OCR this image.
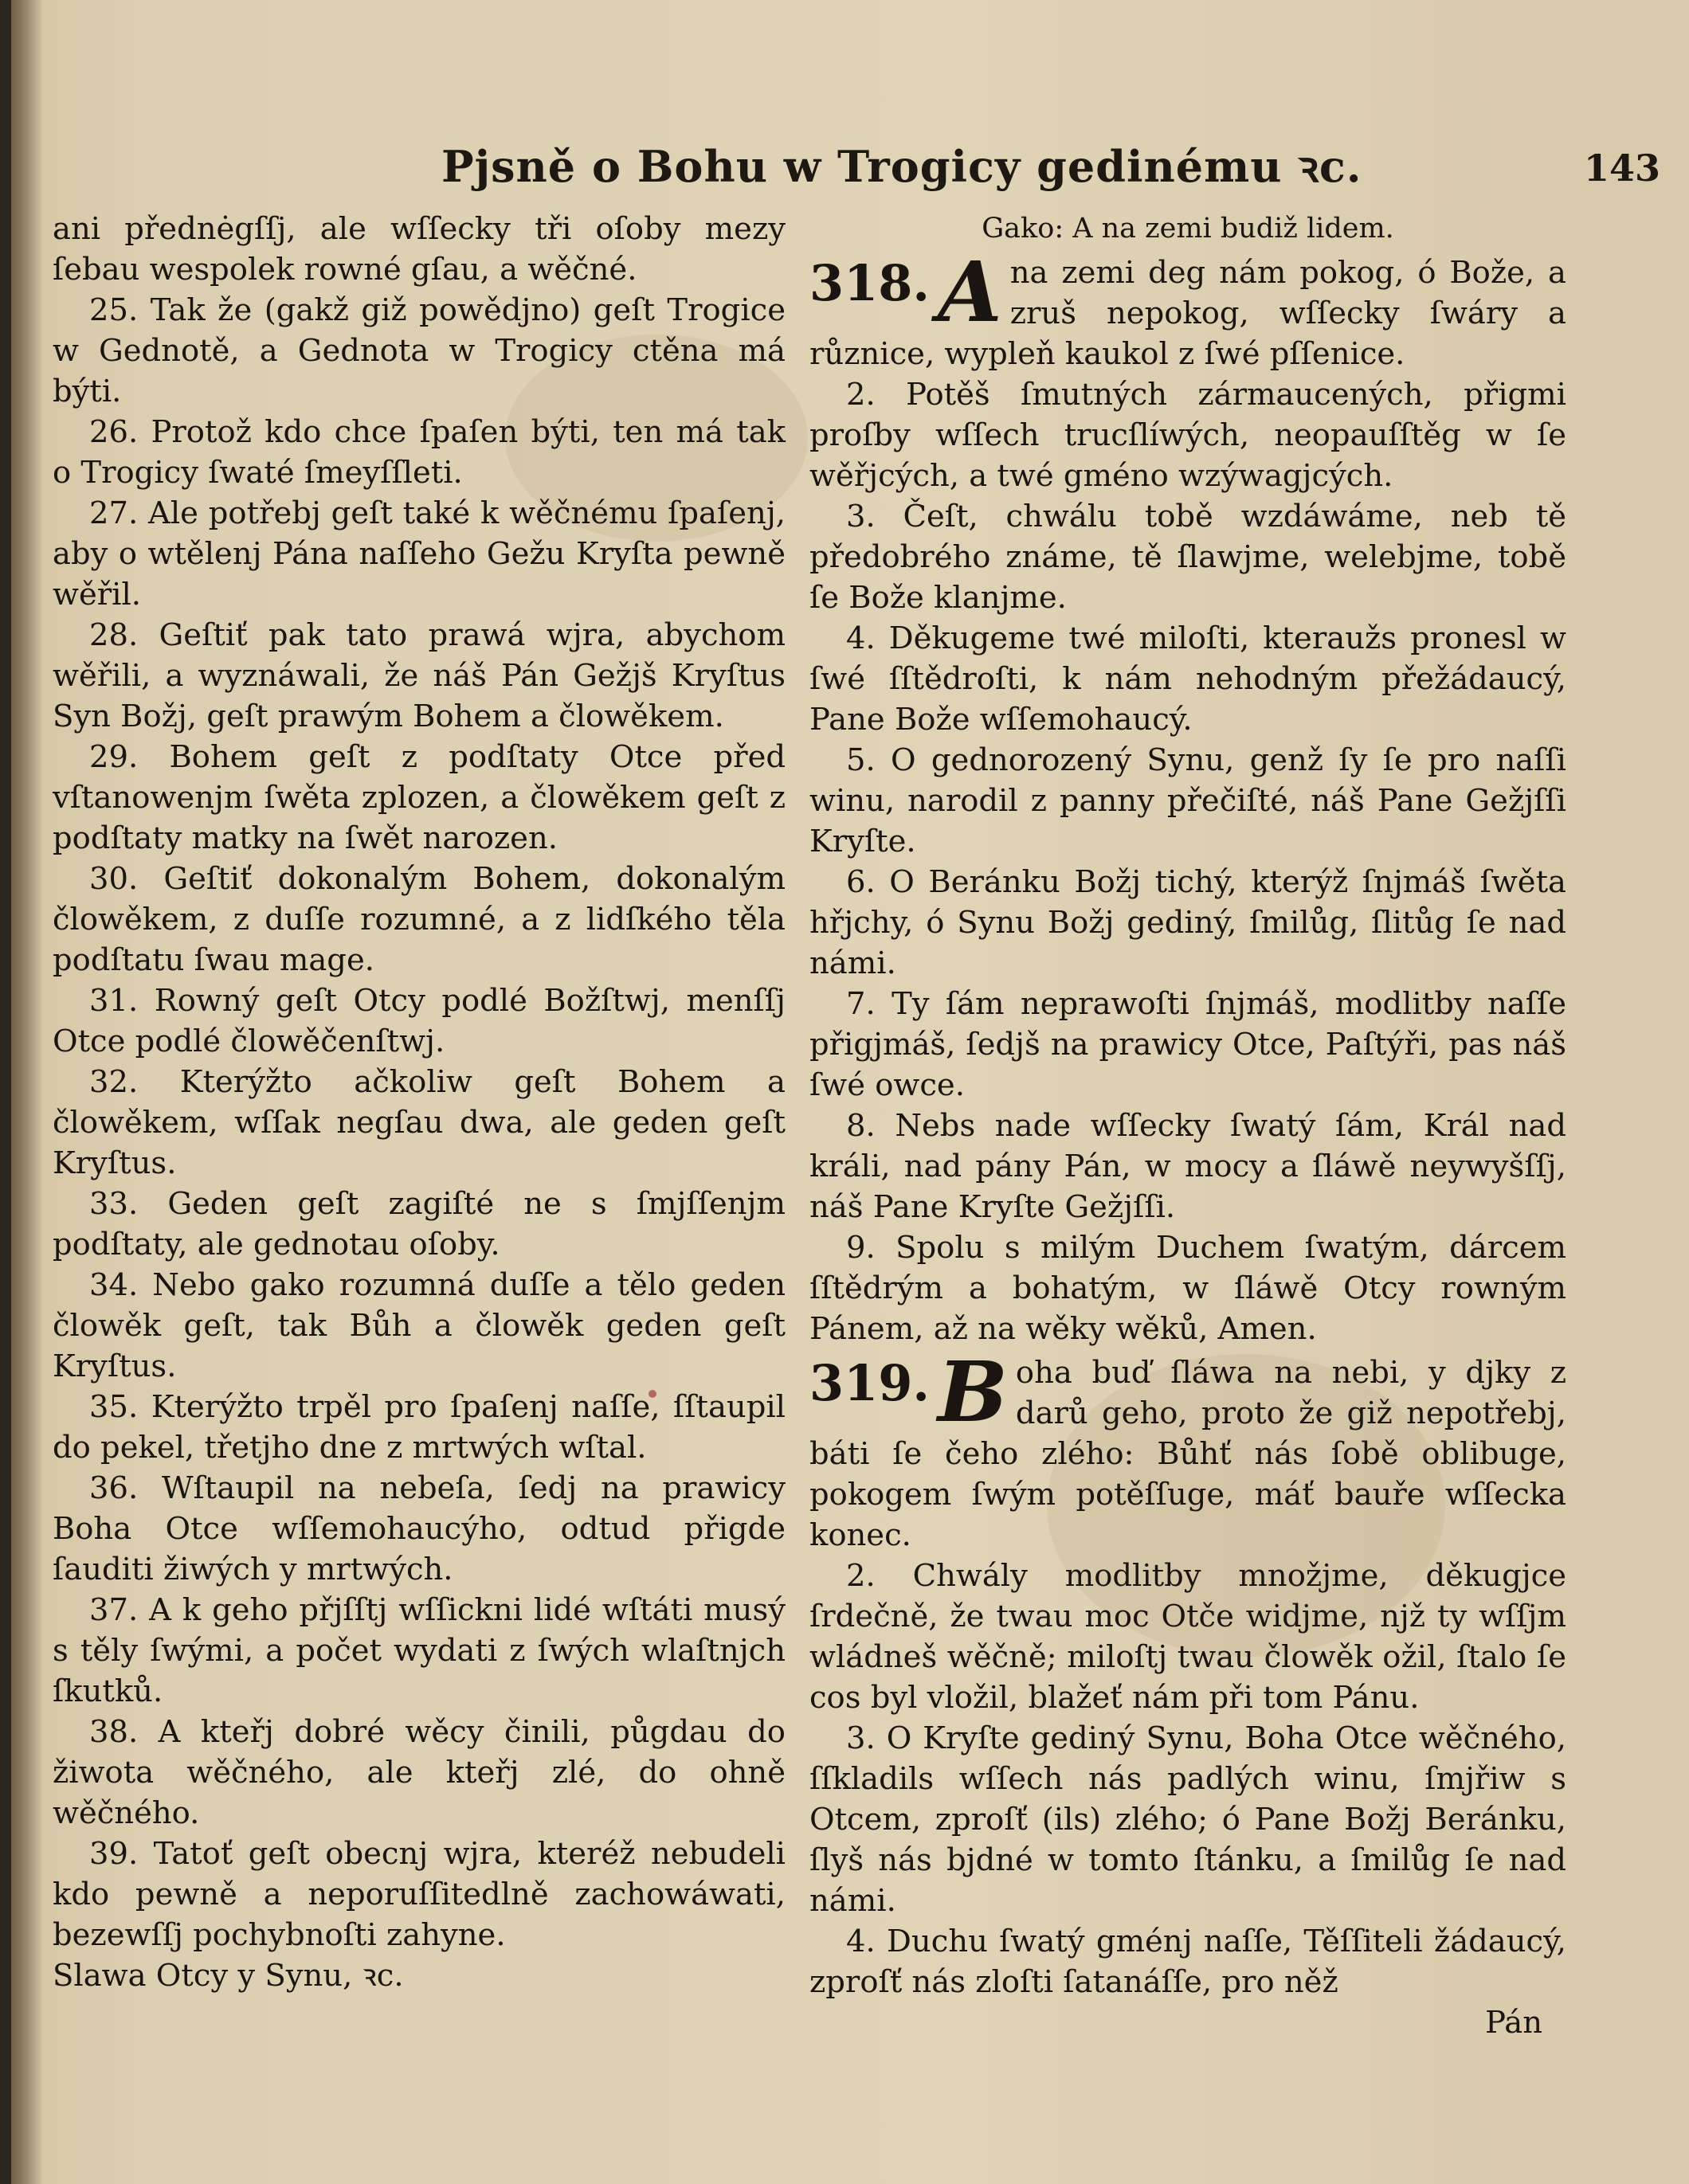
Pjsně o Bohu w Trogicy gedinému ꝛc.	143

ani přednėgſſj, ale wſſecky tři oſoby mezy ſebau wespolek rowné gſau, a wěčné.

25. Tak že (gakž giž powědjno) geſt Trogice w Gednotě, a Gednota w Trogicy ctěna má býti.

26. Protož kdo chce ſpaſen býti, ten má tak o Trogicy ſwaté ſmeyſſleti.

27. Ale potřebj geſt také k wěčnému ſpaſenj, aby o wtělenj Pána naſſeho Gežu Kryſta pewně wěřil.

28. Geſtiť pak tato prawá wjra, abychom wěřili, a wyznáwali, že náš Pán Gežjš Kryſtus Syn Božj, geſt prawým Bohem a člowěkem.

29. Bohem geſt z podſtaty Otce před vſtanowenjm ſwěta zplozen, a člowěkem geſt z podſtaty matky na ſwět narozen.

30. Geſtiť dokonalým Bohem, dokonalým člowěkem, z duſſe rozumné, a z lidſkého těla podſtatu ſwau mage.

31. Rowný geſt Otcy podlé Božſtwj, menſſj Otce podlé člowěčenſtwj.

32. Kterýžto ačkoliw geſt Bohem a člowěkem, wſſak negſau dwa, ale geden geſt Kryſtus.

33. Geden geſt zagiſté ne s ſmjſſenjm podſtaty, ale gednotau oſoby.

34. Nebo gako rozumná duſſe a tělo geden člowěk geſt, tak Bůh a člowěk geden geſt Kryſtus.

35. Kterýžto trpěl pro ſpaſenj naſſe, ſſtaupil do pekel, třetjho dne z mrtwých wſtal.

36. Wſtaupil na nebeſa, ſedj na prawicy Boha Otce wſſemohaucýho, odtud přigde ſauditi žiwých y mrtwých.

37. A k geho přjſſtj wſſickni lidé wſtáti musý s těly ſwými, a počet wydati z ſwých wlaſtnjch ſkutků.

38. A kteřj dobré wěcy činili, půgdau do žiwota wěčného, ale kteřj zlé, do ohně wěčného.

39. Tatoť geſt obecnj wjra, kteréž nebudeli kdo pewně a neporuſſitedlně zachowáwati, bezewſſj pochybnoſti zahyne.

Slawa Otcy y Synu, ꝛc.

Gako: A na zemi budiž lidem.

318. A na zemi deg nám pokog, ó Bože, a zruš nepokog, wſſecky ſwáry a různice, wypleň kaukol z ſwé pſſenice.

2. Potěš ſmutných zármaucených, přigmi proſby wſſech trucſlíwých, neopauſſtěg w ſe wěřjcých, a twé gméno wzýwagjcých.

3. Čeſt, chwálu tobě wzdáwáme, neb tě předobrého známe, tě ſlawjme, welebjme, tobě ſe Bože klanjme.

4. Děkugeme twé miloſti, kteraužs pronesl w ſwé ſſtědroſti, k nám nehodným přežádaucý, Pane Bože wſſemohaucý.

5. O gednorozený Synu, genž ſy ſe pro naſſi winu, narodil z panny přečiſté, náš Pane Gežjſſi Kryſte.

6. O Beránku Božj tichý, kterýž ſnjmáš ſwěta hřjchy, ó Synu Božj gediný, ſmilůg, ſlitůg ſe nad námi.

7. Ty ſám neprawoſti ſnjmáš, modlitby naſſe přigjmáš, ſedjš na prawicy Otce, Paſtýři, pas náš ſwé owce.

8. Nebs nade wſſecky ſwatý ſám, Král nad králi, nad pány Pán, w mocy a ſláwě neywyšſſj, náš Pane Kryſte Gežjſſi.

9. Spolu s milým Duchem ſwatým, dárcem ſſtědrým a bohatým, w ſláwě Otcy rowným Pánem, až na wěky wěků, Amen.

319. B oha buď ſláwa na nebi, y djky z darů geho, proto že giž nepotřebj, báti ſe čeho zlého: Bůhť nás ſobě oblibuge, pokogem ſwým potěſſuge, máť bauře wſſecka konec.

2. Chwály modlitby množjme, děkugjce ſrdečně, že twau moc Otče widjme, njž ty wſſjm wládneš wěčně; miloſtj twau člowěk ožil, ſtalo ſe cos byl vložil, blažeť nám při tom Pánu.

3. O Kryſte gediný Synu, Boha Otce wěčného, ſſkladils wſſech nás padlých winu, ſmjřiw s Otcem, zproſť (ils) zlého; ó Pane Božj Beránku, ſlyš nás bjdné w tomto ſtánku, a ſmilůg ſe nad námi.

4. Duchu ſwatý gménj naſſe, Těſſiteli žádaucý, zproſť nás zloſti ſatanáſſe, pro něž

Pán
